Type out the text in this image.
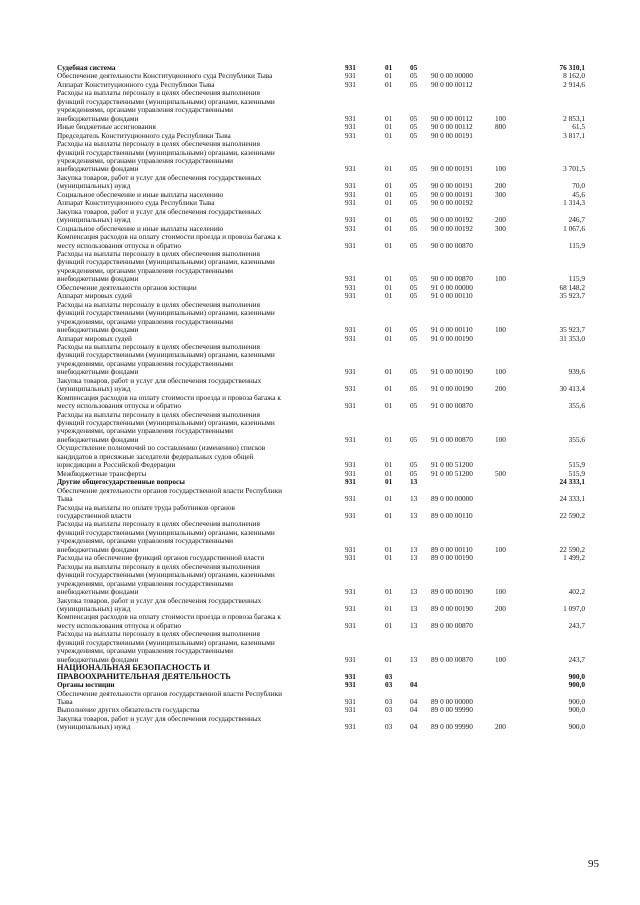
Судебная система	931	01 05	76 310,1
Обеспечение деятельности Конституционного суда Республики Тыва	931	01 05 90 0 00 00000	8 162,0
Аппарат Конституционного суда Республики Тыва	931	01 05 90 0 00 00112	2 914,6
Расходы на выплаты персоналу в целях обеспечения выполнения
функций государственными (муниципальными) органами, казенными
учреждениями, органами управления государственными
внебюджетными фондами	931	01 05 90 0 00 00112	100	2 853,1
Иные бюджетные ассигнования	931	01 05 90 0 00 00112	800	61,5
Председатель Конституционного суда Республики Тыва	931	01 05 90 0 00 00191	3 817,1
Расходы на выплаты персоналу в целях обеспечения выполнения
функций государственными (муниципальными) органами, казенными
учреждениями, органами управления государственными
внебюджетными фондами	931	01 05 90 0 00 00191	100	3 701,5
Закупка товаров, работ и услуг для обеспечения государственных
(муниципальных) нужд	931	01 05 90 0 00 00191	200	70,0
Социальное обеспечение и иные выплаты населению	931	01 05 90 0 00 00191	300	45,6
Аппарат Конституционного суда Республики Тыва	931	01 05 90 0 00 00192	1 314,3
Закупка товаров, работ и услуг для обеспечения государственных
(муниципальных) нужд	931	01 05 90 0 00 00192	200	246,7
Социальное обеспечение и иные выплаты населению	931	01 05 90 0 00 00192	300	1 067,6
Компенсация расходов на оплату стоимости проезда и провоза багажа к
месту использования отпуска и обратно	931	01 05 90 0 00 00870	115,9
Расходы на выплаты персоналу в целях обеспечения выполнения
функций государственными (муниципальными) органами, казенными
учреждениями, органами управления государственными
внебюджетными фондами	931	01 05 90 0 00 00870	100	115,9
Обеспечение деятельности органов юстиции	931	01 05 91 0 00 00000	68 148,2
Аппарат мировых судей	931	01 05 91 0 00 00110	35 923,7
Расходы на выплаты персоналу в целях обеспечения выполнения
функций государственными (муниципальными) органами, казенными
учреждениями, органами управления государственными
внебюджетными фондами	931	01 05 91 0 00 00110	100	35 923,7
Аппарат мировых судей	931	01 05 91 0 00 00190	31 353,0
Расходы на выплаты персоналу в целях обеспечения выполнения
функций государственными (муниципальными) органами, казенными
учреждениями, органами управления государственными
внебюджетными фондами	931	01 05 91 0 00 00190	100	939,6
Закупка товаров, работ и услуг для обеспечения государственных
(муниципальных) нужд	931	01 05 91 0 00 00190	200	30 413,4
Компенсация расходов на оплату стоимости проезда и провоза багажа к
месту использования отпуска и обратно	931	01 05 91 0 00 00870	355,6
Расходы на выплаты персоналу в целях обеспечения выполнения
функций государственными (муниципальными) органами, казенными
учреждениями, органами управления государственными
внебюджетными фондами	931	01 05 91 0 00 00870	100	355,6
Осуществление полномочий по составлению (изменению) списков
кандидатов в присяжные заседатели федеральных судов общей
юрисдикции в Российской Федерации	931	01 05 91 0 00 51200	515,9
Межбюджетные трансферты	931	01 05 91 0 00 51200	500	515,9
Другие общегосударственные вопросы	931	01 13	24 333,1
Обеспечение деятельности органов государственной власти Республики
Тыва	931	01 13 89 0 00 00000	24 333,1
Расходы на выплаты по оплате труда работников органов
государственной власти	931	01 13 89 0 00 00110	22 590,2
Расходы на выплаты персоналу в целях обеспечения выполнения
функций государственными (муниципальными) органами, казенными
учреждениями, органами управления государственными
внебюджетными фондами	931	01 13 89 0 00 00110	100	22 590,2
Расходы на обеспечение функций органов государственной власти	931	01 13 89 0 00 00190	1 499,2
Расходы на выплаты персоналу в целях обеспечения выполнения
функций государственными (муниципальными) органами, казенными
учреждениями, органами управления государственными
внебюджетными фондами	931	01 13 89 0 00 00190	100	402,2
Закупка товаров, работ и услуг для обеспечения государственных
(муниципальных) нужд	931	01 13 89 0 00 00190	200	1 097,0
Компенсация расходов на оплату стоимости проезда и провоза багажа к
месту использования отпуска и обратно	931	01 13 89 0 00 00870	243,7
Расходы на выплаты персоналу в целях обеспечения выполнения
функций государственными (муниципальными) органами, казенными
учреждениями, органами управления государственными
внебюджетными фондами	931	01 13 89 0 00 00870	100	243,7
НАЦИОНАЛЬНАЯ БЕЗОПАСНОСТЬ И
ПРАВООХРАНИТЕЛЬНАЯ ДЕЯТЕЛЬНОСТЬ	931	03	900,0
Органы юстиции	931	03 04	900,0
Обеспечение деятельности органов государственной власти Республики
Тыва	931	03 04 89 0 00 00000	900,0
Выполнение других обязательств государства	931	03 04 89 0 00 99990	900,0
Закупка товаров, работ и услуг для обеспечения государственных
(муниципальных) нужд	931	03 04 89 0 00 99990	200	900,0
95
